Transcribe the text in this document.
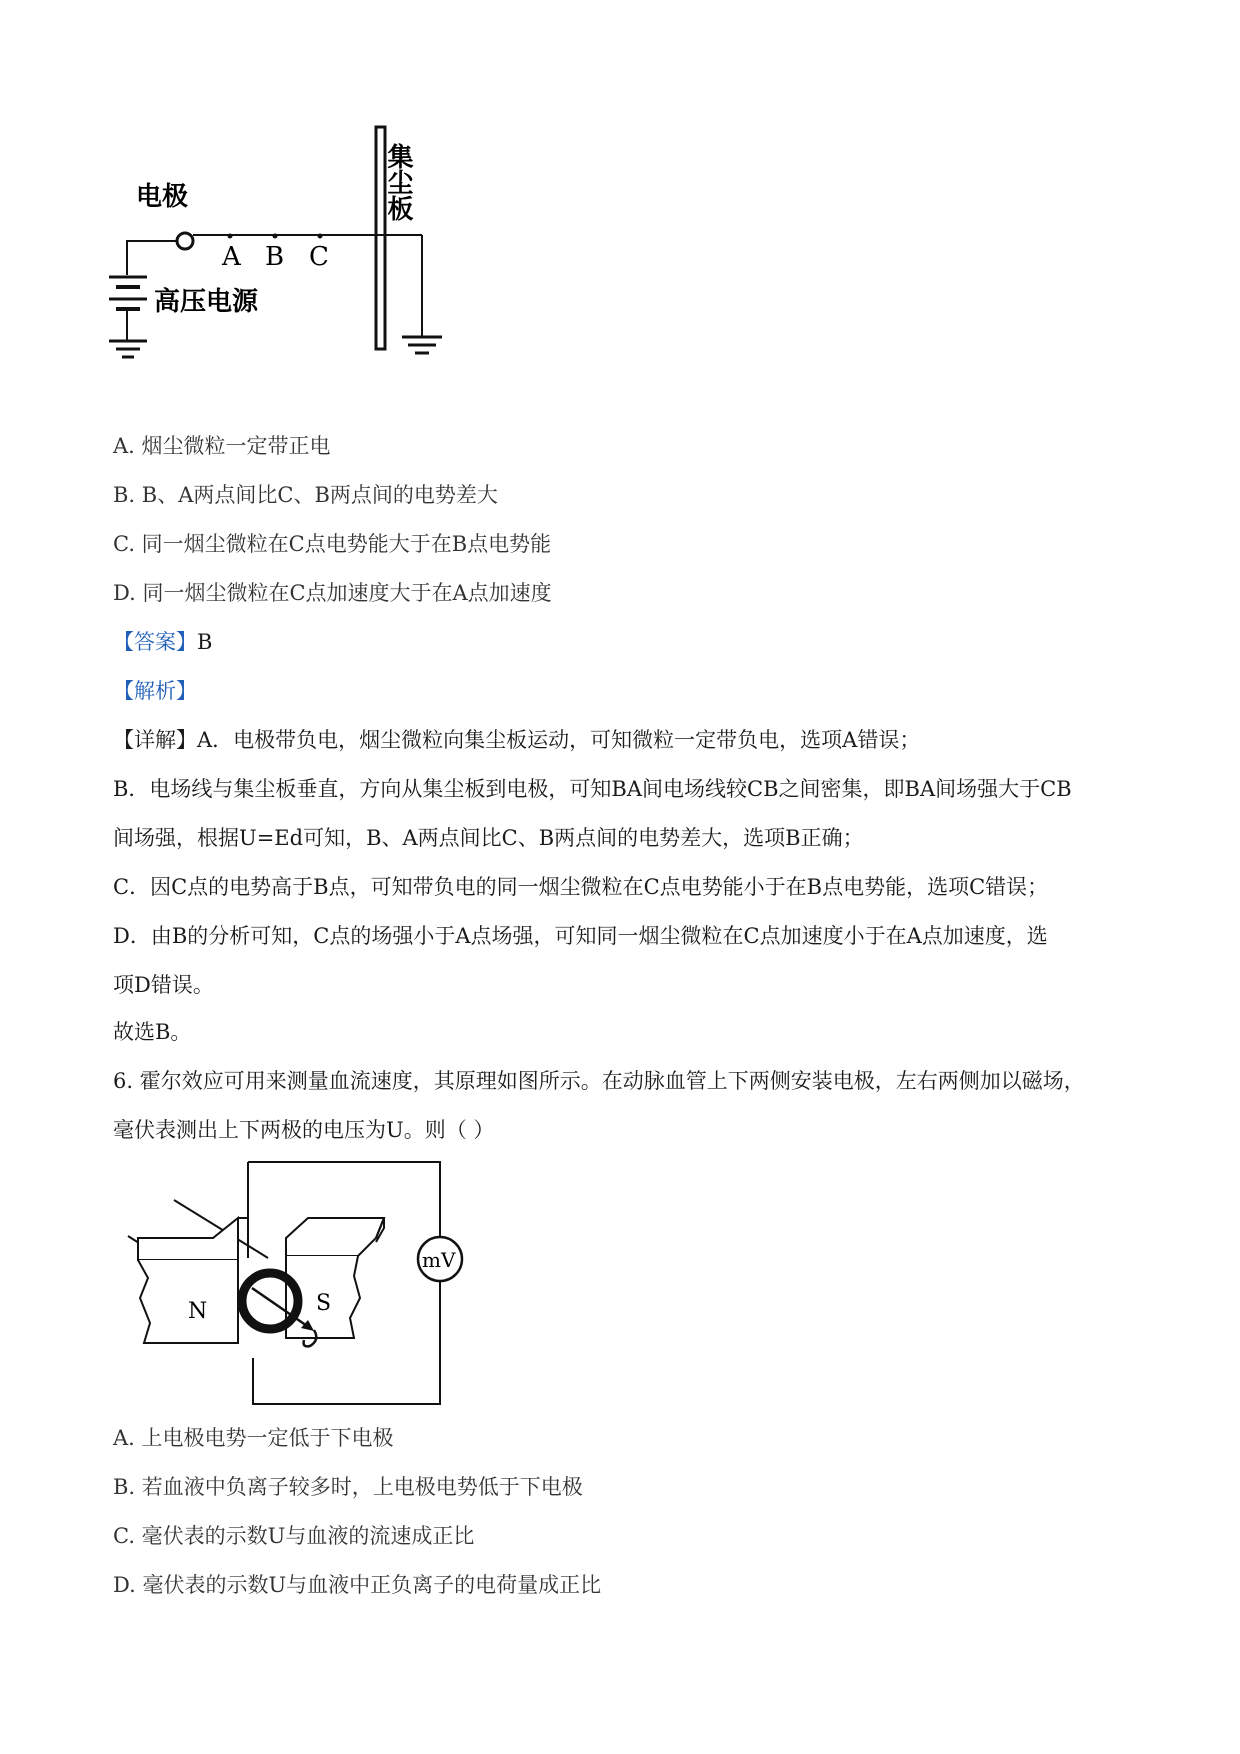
集尘板
电极
A B C
高压电源
A. 烟尘微粒一定带正电
B. B、A两点间比C、B两点间的电势差大
C. 同一烟尘微粒在C点电势能大于在B点电势能
D. 同一烟尘微粒在C点加速度大于在A点加速度
【答案】B
【解析】
【详解】A．电极带负电，烟尘微粒向集尘板运动，可知微粒一定带负电，选项A错误；
B．电场线与集尘板垂直，方向从集尘板到电极，可知BA间电场线较CB之间密集，即BA间场强大于CB
间场强，根据U=Ed可知，B、A两点间比C、B两点间的电势差大，选项B正确；
C．因C点的电势高于B点，可知带负电的同一烟尘微粒在C点电势能小于在B点电势能，选项C错误；
D．由B的分析可知，C点的场强小于A点场强，可知同一烟尘微粒在C点加速度小于在A点加速度，选
项D错误。
故选B。
6. 霍尔效应可用来测量血流速度，其原理如图所示。在动脉血管上下两侧安装电极，左右两侧加以磁场，
毫伏表测出上下两极的电压为U。则（ ）
mV
N	S
A. 上电极电势一定低于下电极
B. 若血液中负离子较多时，上电极电势低于下电极
C. 毫伏表的示数U与血液的流速成正比
D. 毫伏表的示数U与血液中正负离子的电荷量成正比
